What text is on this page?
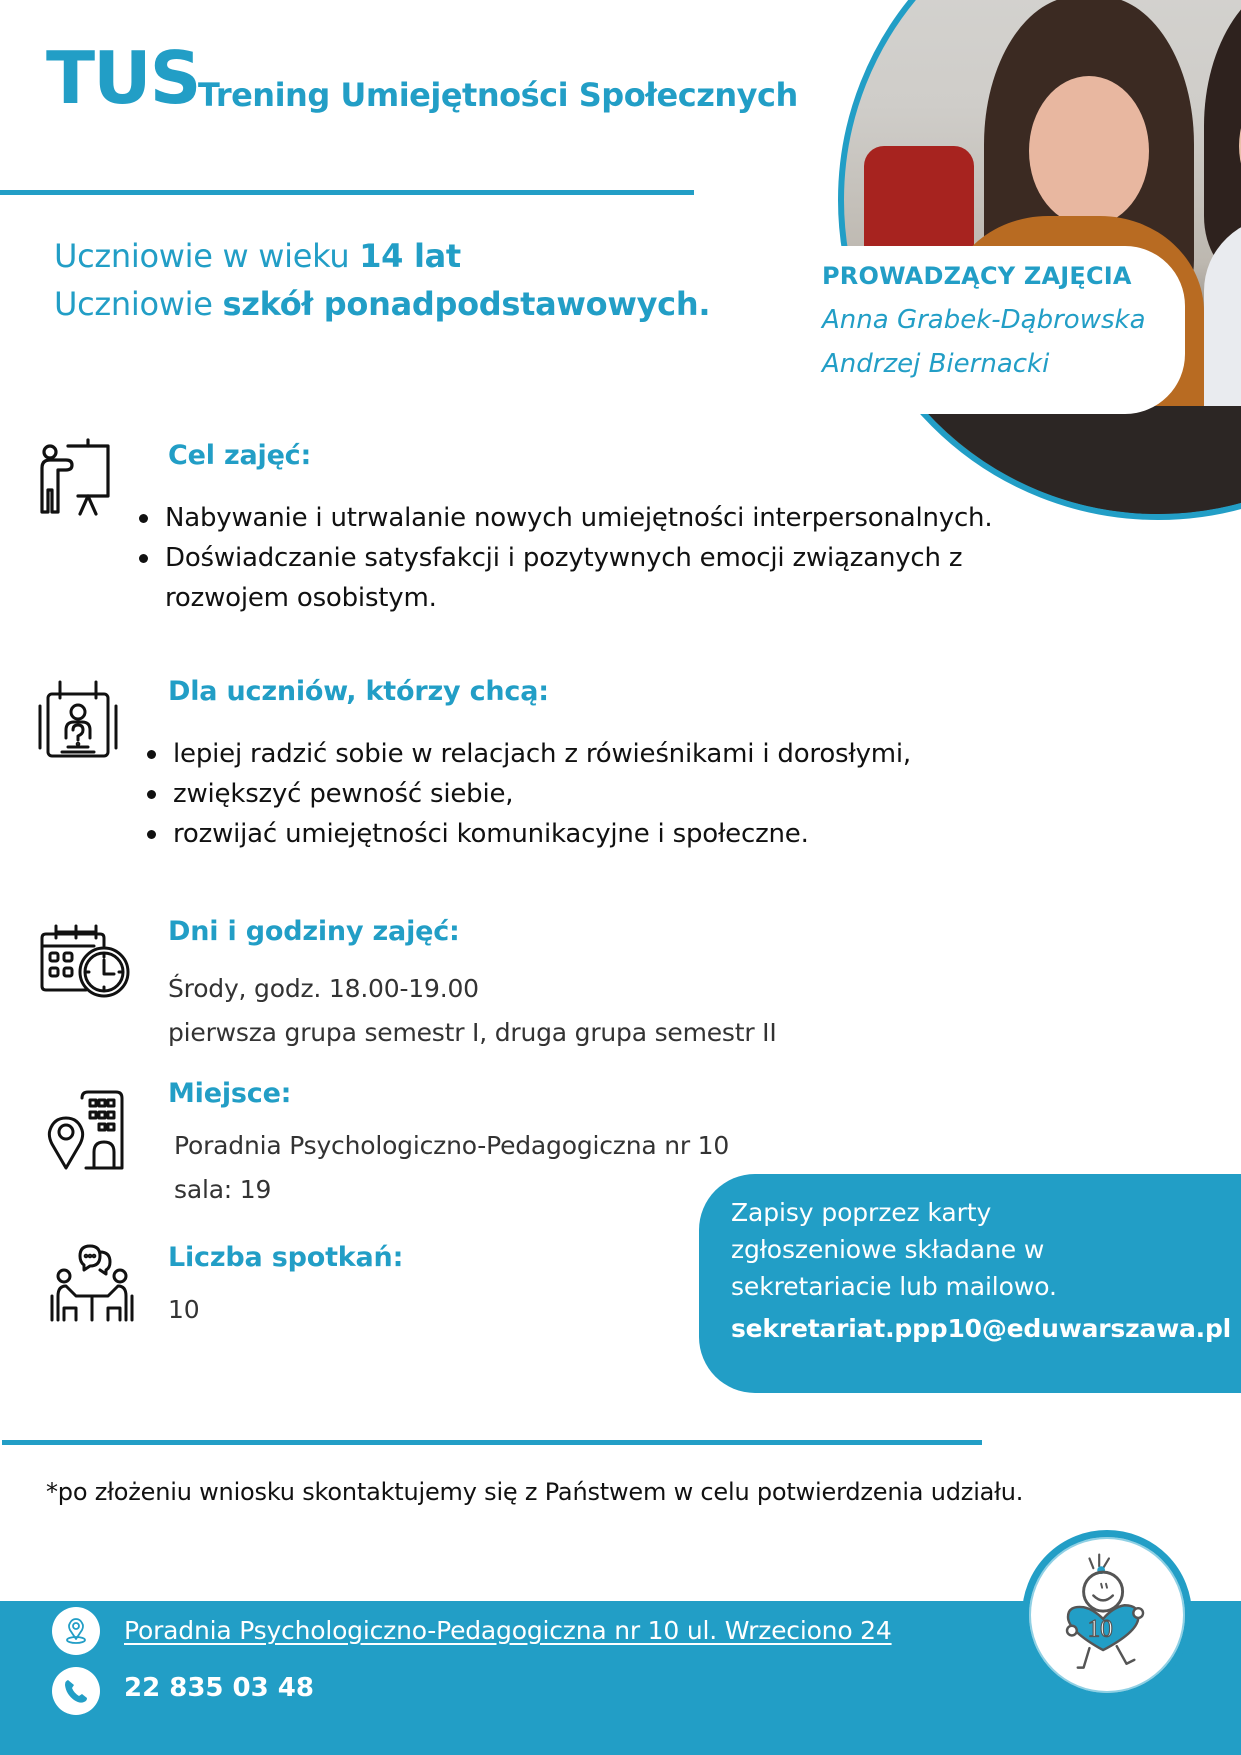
TUS
Trening Umiejętności Społecznych
Uczniowie w wieku 14 lat
Uczniowie szkół ponadpodstawowych.
PROWADZĄCY ZAJĘCIA
Anna Grabek-Dąbrowska
Andrzej Biernacki
Cel zajęć:
Nabywanie i utrwalanie nowych umiejętności interpersonalnych.
Doświadczanie satysfakcji i pozytywnych emocji związanych z rozwojem osobistym.
Dla uczniów, którzy chcą:
lepiej radzić sobie w relacjach z rówieśnikami i dorosłymi,
zwiększyć pewność siebie,
rozwijać umiejętności komunikacyjne i społeczne.
Dni i godziny zajęć:
Środy, godz. 18.00-19.00
pierwsza grupa semestr I, druga grupa semestr II
Miejsce:
Poradnia Psychologiczno-Pedagogiczna nr 10
sala: 19
Liczba spotkań:
10
Zapisy poprzez karty
zgłoszeniowe składane w
sekretariacie lub mailowo.
sekretariat.ppp10@eduwarszawa.pl
*po złożeniu wniosku skontaktujemy się z Państwem w celu potwierdzenia udziału.
Poradnia Psychologiczno-Pedagogiczna nr 10 ul. Wrzeciono 24
22 835 03 48
10
